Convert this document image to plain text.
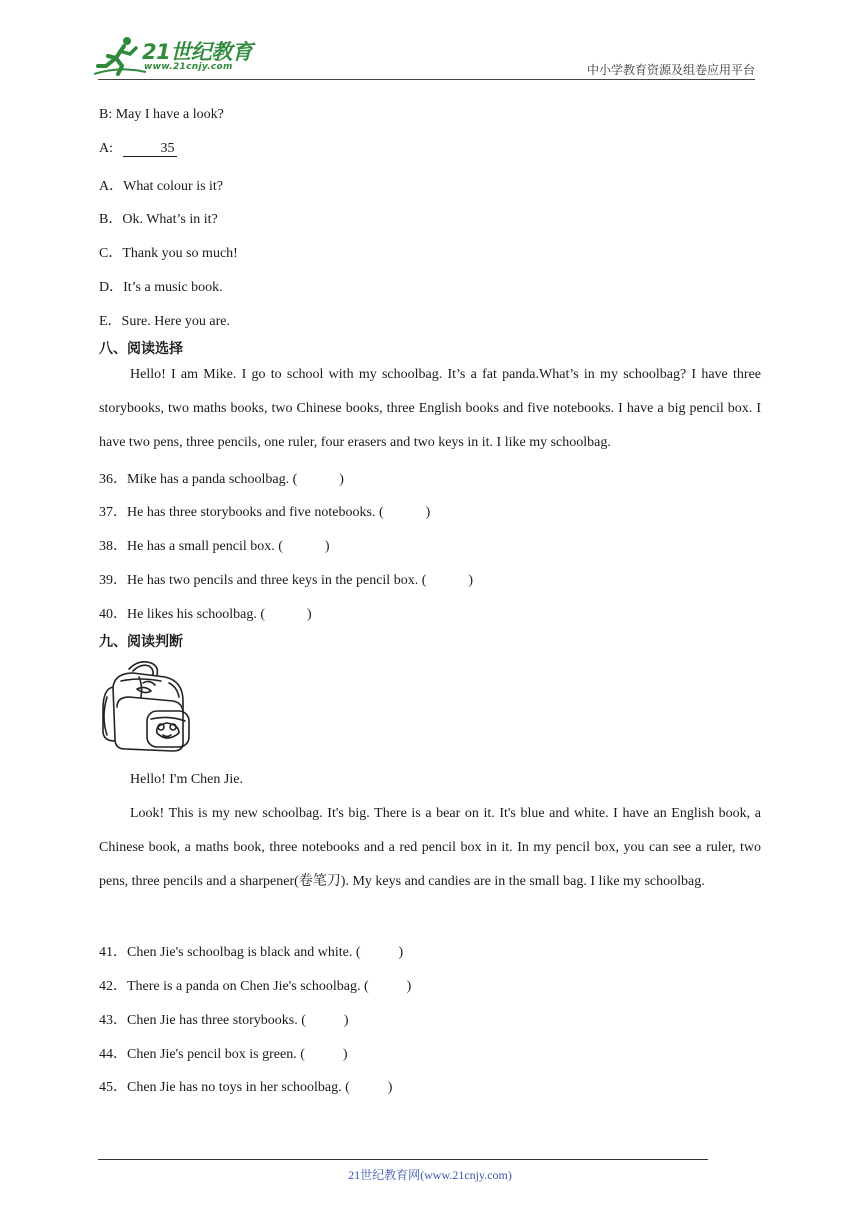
21世纪教育
www.21cnjy.com	中小学教育资源及组卷应用平台
B: May I have a look?
A:	35
A．What colour is it?
B．Ok. What’s in it?
C．Thank you so much!
D．It’s a music book.
E．Sure. Here you are.
八、阅读选择
Hello! I am Mike. I go to school with my schoolbag. It’s a fat panda.What’s in my schoolbag? I have three storybooks, two maths books, two Chinese books, three English books and five notebooks. I have a big pencil box. I have two pens, three pencils, one ruler, four erasers and two keys in it. I like my schoolbag.
36．Mike has a panda schoolbag. (	)
37．He has three storybooks and five notebooks. (	)
38．He has a small pencil box. (	)
39．He has two pencils and three keys in the pencil box. (	)
40．He likes his schoolbag. (	)
九、阅读判断
Hello! I'm Chen Jie.
Look! This is my new schoolbag. It's big. There is a bear on it. It's blue and white. I have an English book, a Chinese book, a maths book, three notebooks and a red pencil box in it. In my pencil box, you can see a ruler, two pens, three pencils and a sharpener(卷笔刀). My keys and candies are in the small bag. I like my schoolbag.
41．Chen Jie's schoolbag is black and white. (	)
42．There is a panda on Chen Jie's schoolbag. (	)
43．Chen Jie has three storybooks. (	)
44．Chen Jie's pencil box is green. (	)
45．Chen Jie has no toys in her schoolbag. (	)
21世纪教育网(www.21cnjy.com)
